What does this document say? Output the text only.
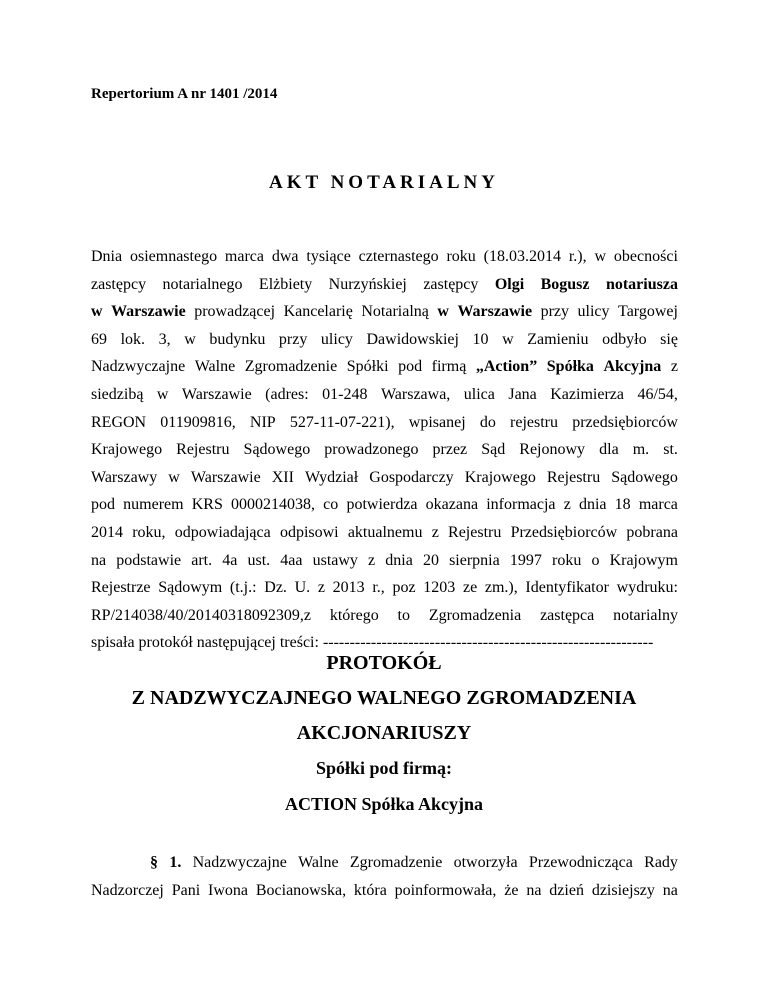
Repertorium A nr 1401 /2014
AKT NOTARIALNY
Dnia osiemnastego marca dwa tysiące czternastego roku (18.03.2014 r.), w obecności
zastępcy notarialnego Elżbiety Nurzyńskiej zastępcy Olgi Bogusz notariusza
w Warszawie prowadzącej Kancelarię Notarialną w Warszawie przy ulicy Targowej
69 lok. 3, w budynku przy ulicy Dawidowskiej 10 w Zamieniu odbyło się
Nadzwyczajne Walne Zgromadzenie Spółki pod firmą „Action” Spółka Akcyjna z
siedzibą w Warszawie (adres: 01-248 Warszawa, ulica Jana Kazimierza 46/54,
REGON 011909816, NIP 527-11-07-221), wpisanej do rejestru przedsiębiorców
Krajowego Rejestru Sądowego prowadzonego przez Sąd Rejonowy dla m. st.
Warszawy w Warszawie XII Wydział Gospodarczy Krajowego Rejestru Sądowego
pod numerem KRS 0000214038, co potwierdza okazana informacja z dnia 18 marca
2014 roku, odpowiadająca odpisowi aktualnemu z Rejestru Przedsiębiorców pobrana
na podstawie art. 4a ust. 4aa ustawy z dnia 20 sierpnia 1997 roku o Krajowym
Rejestrze Sądowym (t.j.: Dz. U. z 2013 r., poz 1203 ze zm.), Identyfikator wydruku:
RP/214038/40/20140318092309,z którego to Zgromadzenia zastępca notarialny
spisała protokół następującej treści: --------------------------------------------------------------
PROTOKÓŁ
Z NADZWYCZAJNEGO WALNEGO ZGROMADZENIA
AKCJONARIUSZY
Spółki pod firmą:
ACTION Spółka Akcyjna
§ 1. Nadzwyczajne Walne Zgromadzenie otworzyła Przewodnicząca Rady
Nadzorczej Pani Iwona Bocianowska, która poinformowała, że na dzień dzisiejszy na
